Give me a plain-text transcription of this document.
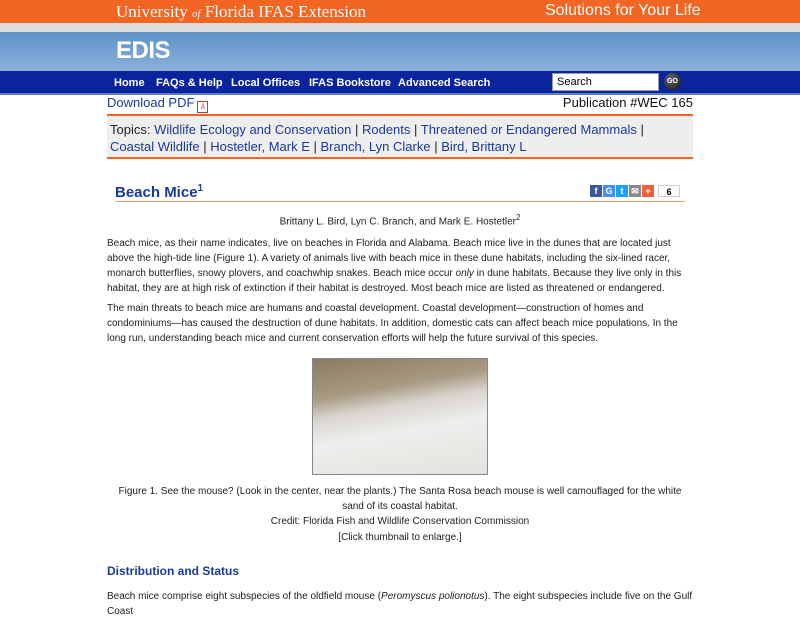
University of Florida IFAS Extension	Solutions for Your Life
EDIS
Home FAQs & Help Local Offices IFAS Bookstore Advanced Search	Search	GO
Download PDF ⅄	Publication #WEC 165
Topics: Wildlife Ecology and Conservation | Rodents | Threatened or Endangered Mammals | Coastal Wildlife | Hostetler, Mark E | Branch, Lyn Clarke | Bird, Brittany L
Beach Mice$^1$	f G t ✉ +	6
Brittany L. Bird, Lyn C. Branch, and Mark E. Hostetler$^2$

Beach mice, as their name indicates, live on beaches in Florida and Alabama. Beach mice live in the dunes that are located just above the high-tide line (Figure 1). A variety of animals live with beach mice in these dune habitats, including the six-lined racer, monarch butterflies, snowy plovers, and coachwhip snakes. Beach mice occur only in dune habitats. Because they live only in this habitat, they are at high risk of extinction if their habitat is destroyed. Most beach mice are listed as threatened or endangered.

The main threats to beach mice are humans and coastal development. Coastal development—construction of homes and condominiums—has caused the destruction of dune habitats. In addition, domestic cats can affect beach mice populations. In the long run, understanding beach mice and current conservation efforts will help the future survival of this species.

Figure 1. See the mouse? (Look in the center, near the plants.) The Santa Rosa beach mouse is well camouflaged for the white sand of its coastal habitat.
Credit: Florida Fish and Wildlife Conservation Commission
[Click thumbnail to enlarge.]
Distribution and Status

Beach mice comprise eight subspecies of the oldfield mouse (Peromyscus polionotus). The eight subspecies include five on the Gulf Coast
